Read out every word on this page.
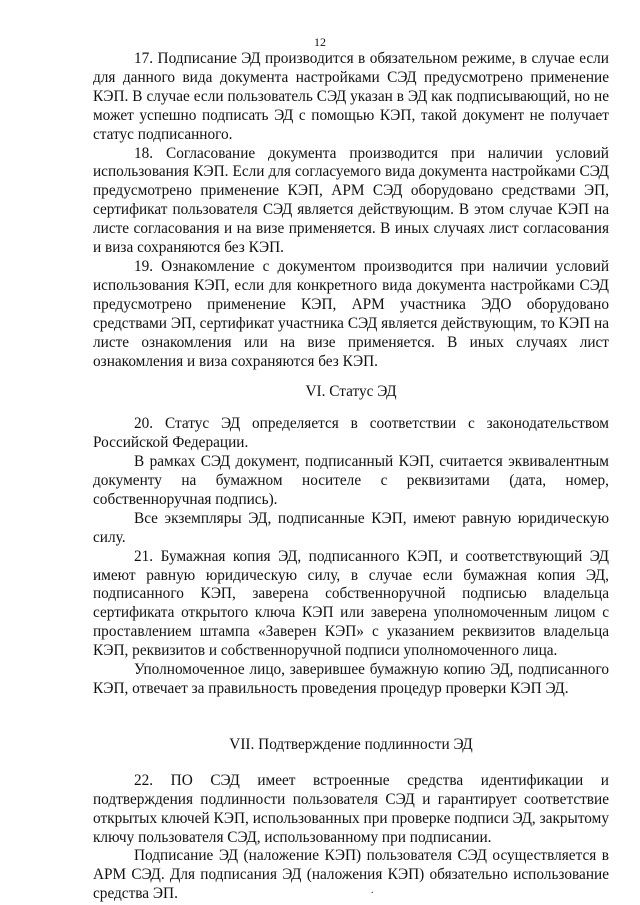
12

17. Подписание ЭД производится в обязательном режиме, в случае если для данного вида документа настройками СЭД предусмотрено применение КЭП. В случае если пользователь СЭД указан в ЭД как подписывающий, но не может успешно подписать ЭД с помощью КЭП, такой документ не получает статус подписанного.

18. Согласование документа производится при наличии условий использования КЭП. Если для согласуемого вида документа настройками СЭД предусмотрено применение КЭП, АРМ СЭД оборудовано средствами ЭП, сертификат пользователя СЭД является действующим. В этом случае КЭП на листе согласования и на визе применяется. В иных случаях лист согласования и виза сохраняются без КЭП.

19. Ознакомление с документом производится при наличии условий использования КЭП, если для конкретного вида документа настройками СЭД предусмотрено применение КЭП, АРМ участника ЭДО оборудовано средствами ЭП, сертификат участника СЭД является действующим, то КЭП на листе ознакомления или на визе применяется. В иных случаях лист ознакомления и виза сохраняются без КЭП.

VI. Статус ЭД

20. Статус ЭД определяется в соответствии с законодательством Российской Федерации.

В рамках СЭД документ, подписанный КЭП, считается эквивалентным документу на бумажном носителе с реквизитами (дата, номер, собственноручная подпись).

Все экземпляры ЭД, подписанные КЭП, имеют равную юридическую силу.

21. Бумажная копия ЭД, подписанного КЭП, и соответствующий ЭД имеют равную юридическую силу, в случае если бумажная копия ЭД, подписанного КЭП, заверена собственноручной подписью владельца сертификата открытого ключа КЭП или заверена уполномоченным лицом с проставлением штампа «Заверен КЭП» с указанием реквизитов владельца КЭП, реквизитов и собственноручной подписи уполномоченного лица.

Уполномоченное лицо, заверившее бумажную копию ЭД, подписанного КЭП, отвечает за правильность проведения процедур проверки КЭП ЭД.

VII. Подтверждение подлинности ЭД

22. ПО СЭД имеет встроенные средства идентификации и подтверждения подлинности пользователя СЭД и гарантирует соответствие открытых ключей КЭП, использованных при проверке подписи ЭД, закрытому ключу пользователя СЭД, использованному при подписании.

Подписание ЭД (наложение КЭП) пользователя СЭД осуществляется в АРМ СЭД. Для подписания ЭД (наложения КЭП) обязательно использование средства ЭП.	.
